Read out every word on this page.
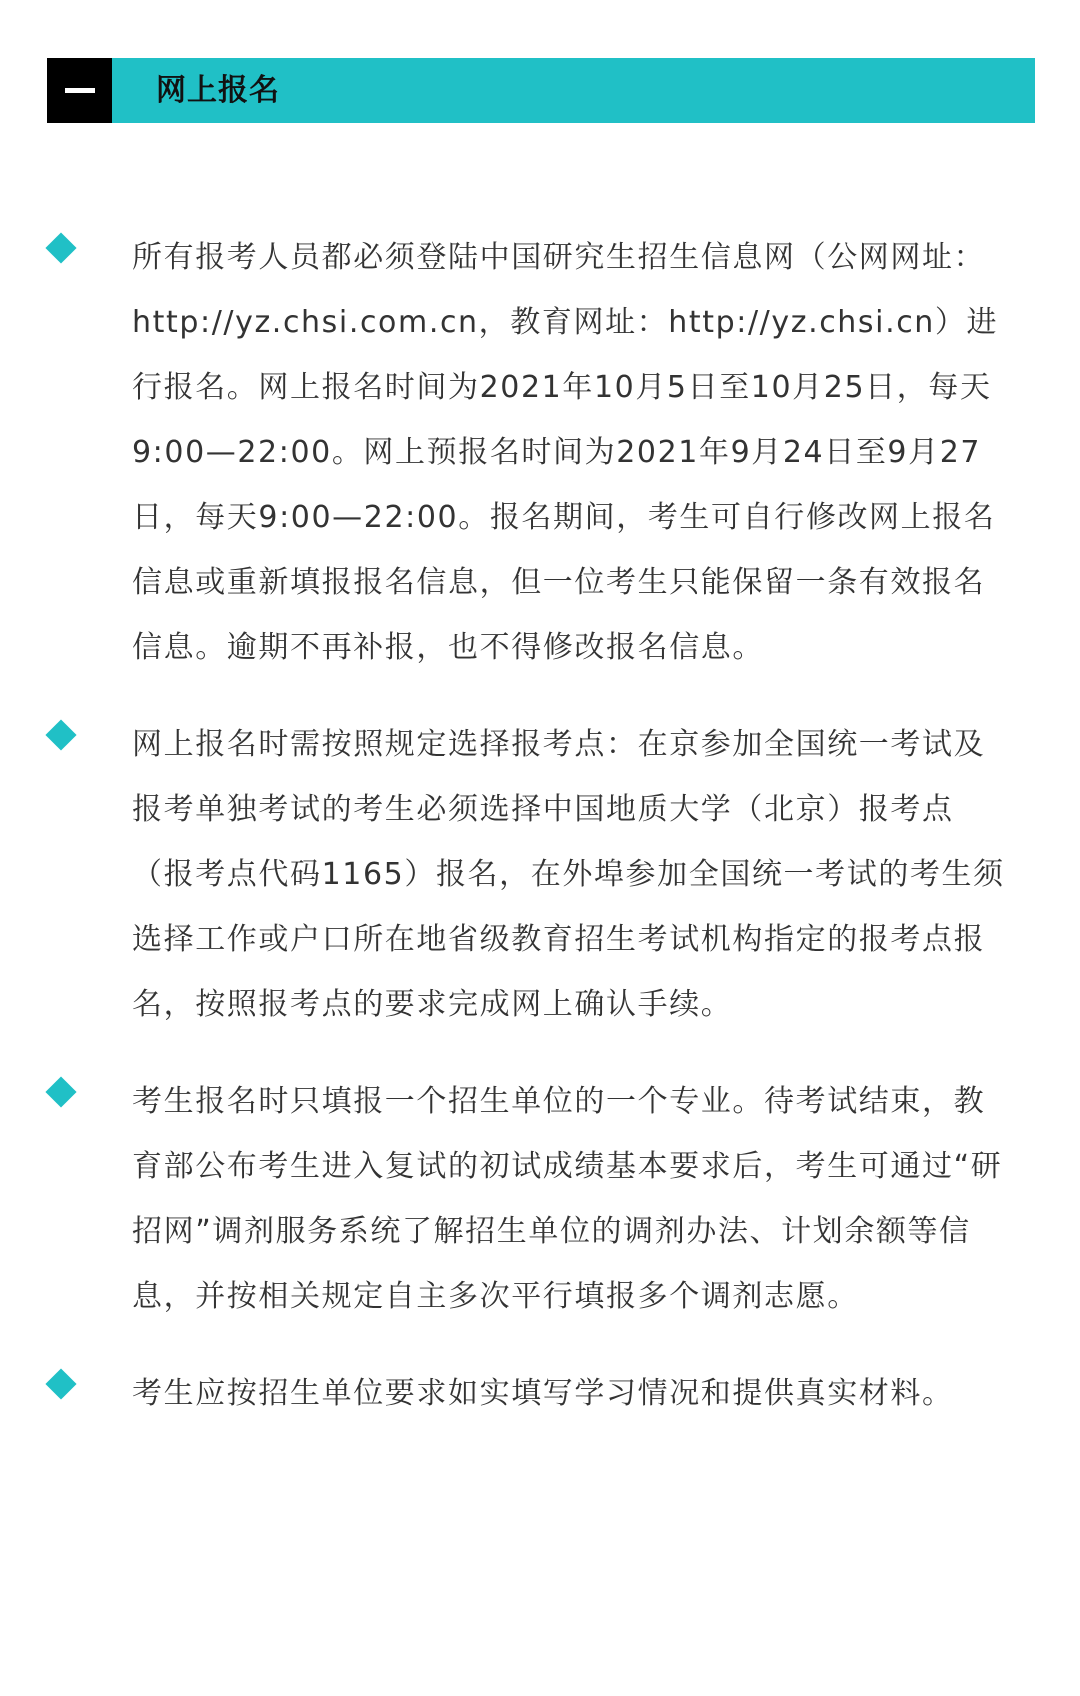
网上报名
所有报考人员都必须登陆中国研究生招生信息网（公网网址：http://yz.chsi.com.cn，教育网址：http://yz.chsi.cn）进行报名。网上报名时间为2021年10月5日至10月25日，每天9:00—22:00。网上预报名时间为2021年9月24日至9月27日，每天9:00—22:00。报名期间，考生可自行修改网上报名信息或重新填报报名信息，但一位考生只能保留一条有效报名信息。逾期不再补报，也不得修改报名信息。
网上报名时需按照规定选择报考点：在京参加全国统一考试及报考单独考试的考生必须选择中国地质大学（北京）报考点（报考点代码1165）报名，在外埠参加全国统一考试的考生须选择工作或户口所在地省级教育招生考试机构指定的报考点报名，按照报考点的要求完成网上确认手续。
考生报名时只填报一个招生单位的一个专业。待考试结束，教育部公布考生进入复试的初试成绩基本要求后，考生可通过“研招网”调剂服务系统了解招生单位的调剂办法、计划余额等信息，并按相关规定自主多次平行填报多个调剂志愿。
考生应按招生单位要求如实填写学习情况和提供真实材料。
